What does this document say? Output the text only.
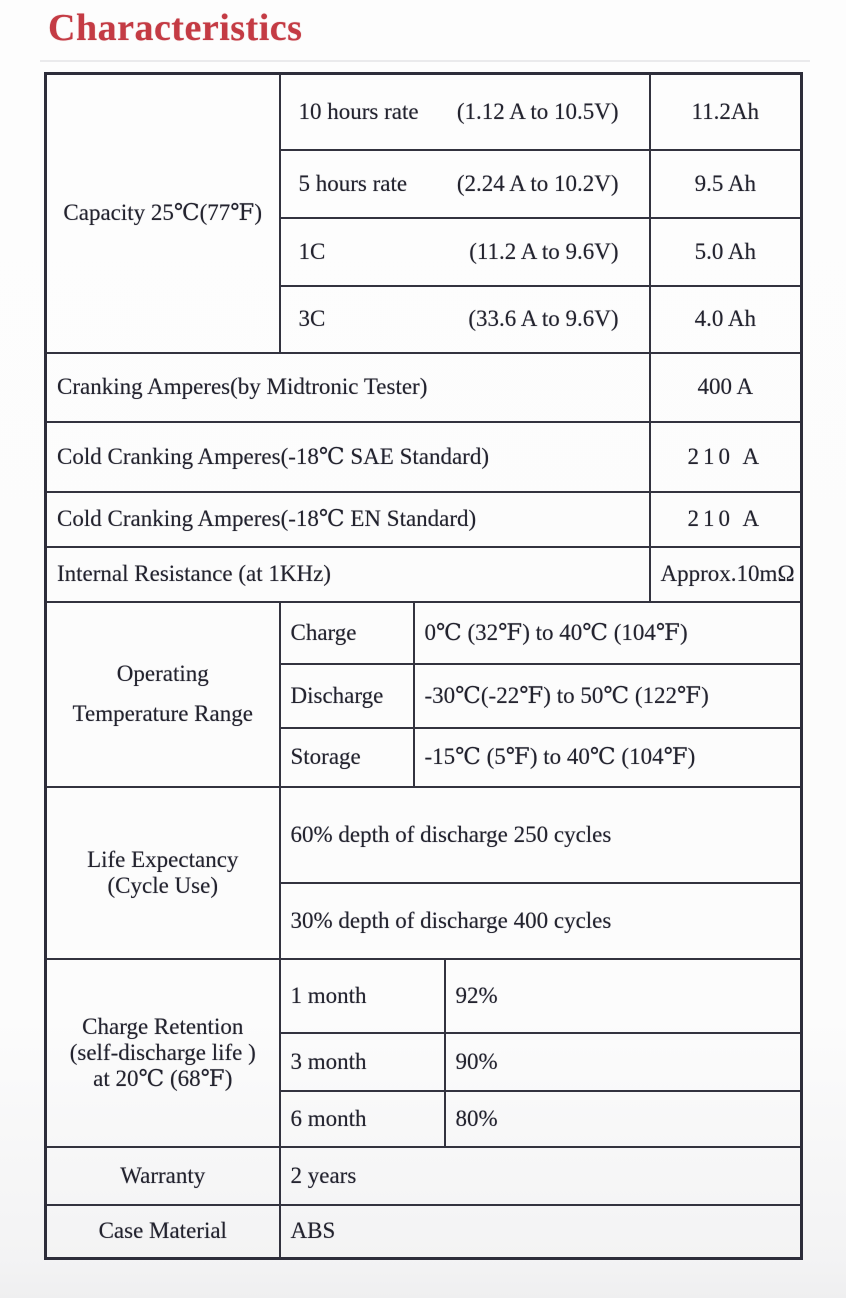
Characteristics
Capacity 25℃(77℉)	10 hours rate (1.12 A to 10.5V)			11.2Ah

	5 hours rate (2.24 A to 10.2V)			9.5 Ah

	1C (11.2 A to 9.6V)			5.0 Ah

	3C (33.6 A to 9.6V)			4.0 Ah
Cranking Amperes(by Midtronic Tester)				400 A
Cold Cranking Amperes(-18℃ SAE Standard)				210 A
Cold Cranking Amperes(-18℃ EN Standard)				210 A
Internal Resistance (at 1KHz)				Approx.10mΩ

Operating
Temperature Range	Charge	0℃ (32℉) to 40℃ (104℉)		
	Discharge	-30℃(-22℉) to 50℃ (122℉)		
	Storage	-15℃ (5℉) to 40℃ (104℉)		

Life Expectancy
(Cycle Use)	60% depth of discharge 250 cycles			
	30% depth of discharge 400 cycles			

Charge Retention
(self-discharge life )
at 20℃ (68℉)	1 month		92%	
	3 month		90%	
	6 month		80%	
Warranty	2 years			
Case Material	ABS			
